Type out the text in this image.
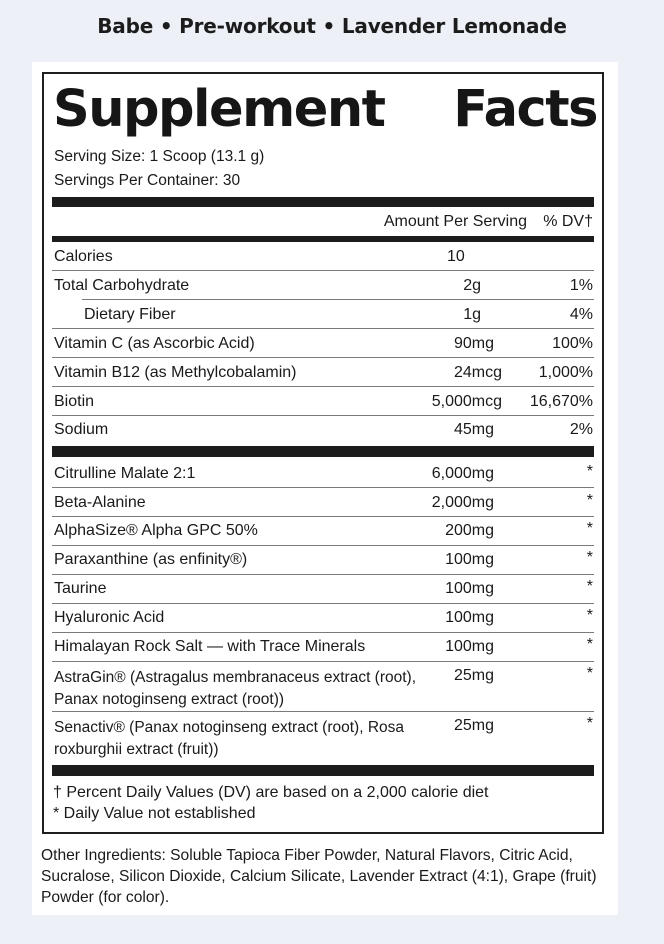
Babe • Pre-workout • Lavender Lemonade
Supplement Facts
Serving Size: 1 Scoop (13.1 g)
Servings Per Container: 30
Amount Per Serving	% DV†
Calories	10
Total Carbohydrate	2g	1%
Dietary Fiber	1g	4%
Vitamin C (as Ascorbic Acid)	90mg	100%
Vitamin B12 (as Methylcobalamin)	24mcg	1,000%
Biotin	5,000mcg	16,670%
Sodium	45mg	2%
Citrulline Malate 2:1	6,000mg	*
Beta-Alanine	2,000mg	*
AlphaSize® Alpha GPC 50%	200mg	*
Paraxanthine (as enfinity®)	100mg	*
Taurine	100mg	*
Hyaluronic Acid	100mg	*
Himalayan Rock Salt — with Trace Minerals	100mg	*
AstraGin® (Astragalus membranaceus extract (root), Panax notoginseng extract (root))
25mg	*
Senactiv® (Panax notoginseng extract (root), Rosa roxburghii extract (fruit))
25mg	*
† Percent Daily Values (DV) are based on a 2,000 calorie diet
* Daily Value not established
Other Ingredients: Soluble Tapioca Fiber Powder, Natural Flavors, Citric Acid, Sucralose, Silicon Dioxide, Calcium Silicate, Lavender Extract (4:1), Grape (fruit) Powder (for color).
